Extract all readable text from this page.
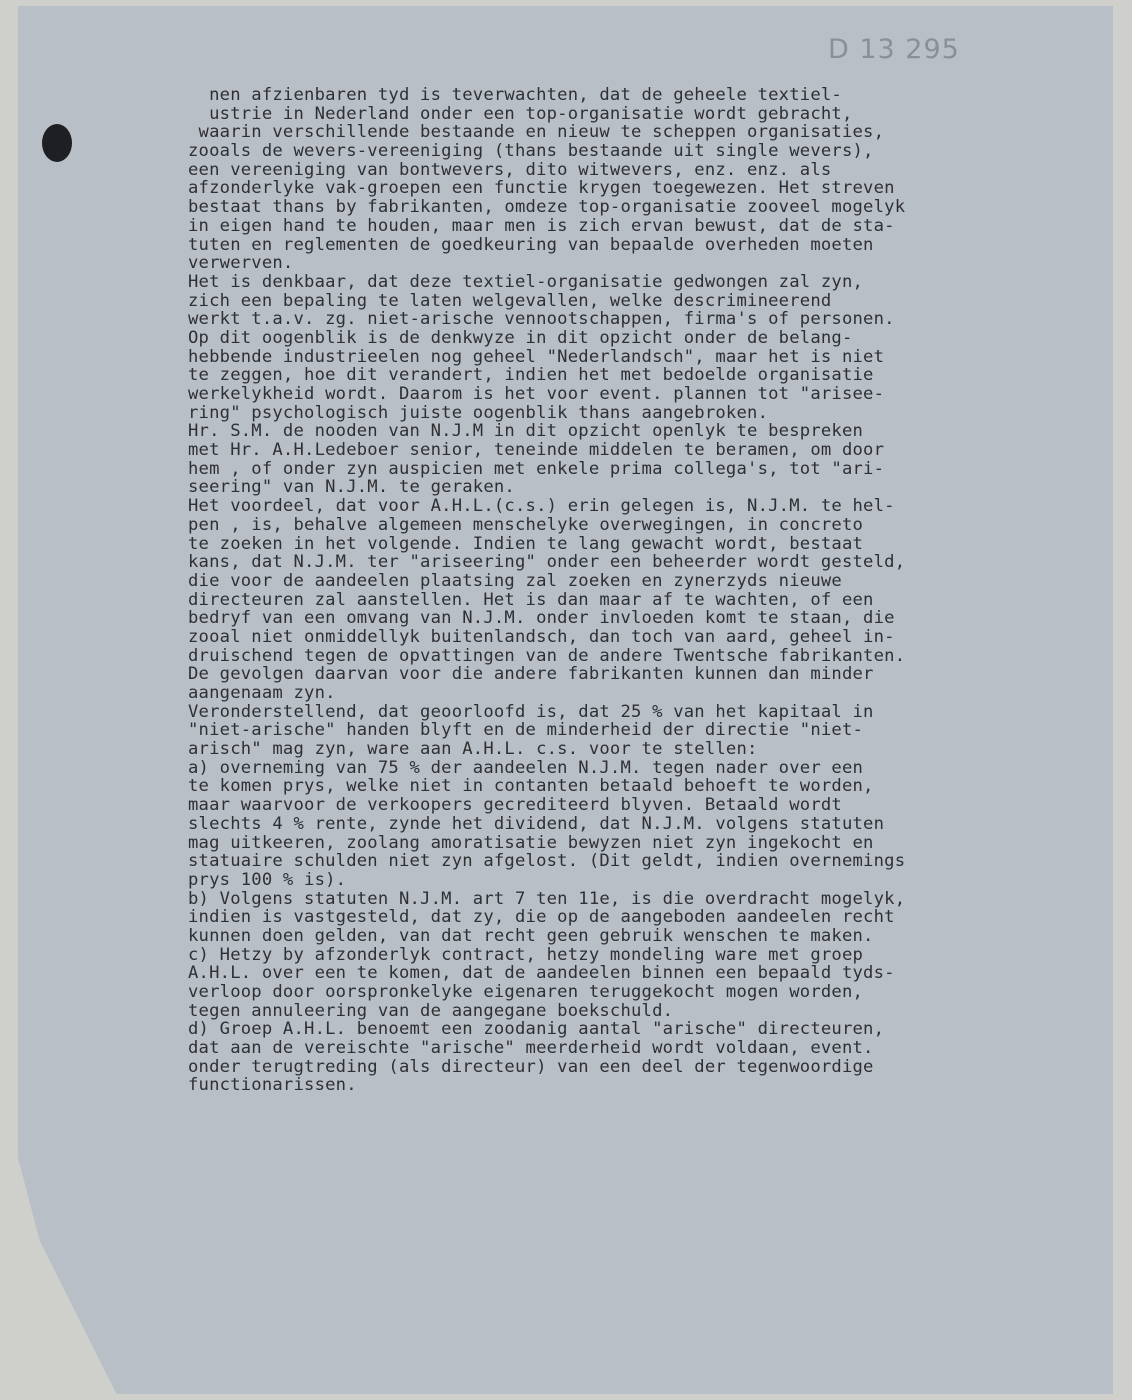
D 13 295
nen afzienbaren tyd is teverwachten, dat de geheele textiel-
ustrie in Nederland onder een top-organisatie wordt gebracht,
waarin verschillende bestaande en nieuw te scheppen organisaties,
zooals de wevers-vereeniging (thans bestaande uit single wevers),
een vereeniging van bontwevers, dito witwevers, enz. enz. als
afzonderlyke vak-groepen een functie krygen toegewezen. Het streven
bestaat thans by fabrikanten, omdeze top-organisatie zooveel mogelyk
in eigen hand te houden, maar men is zich ervan bewust, dat de sta-
tuten en reglementen de goedkeuring van bepaalde overheden moeten
verwerven.
Het is denkbaar, dat deze textiel-organisatie gedwongen zal zyn,
zich een bepaling te laten welgevallen, welke descrimineerend
werkt t.a.v. zg. niet-arische vennootschappen, firma's of personen.
Op dit oogenblik is de denkwyze in dit opzicht onder de belang-
hebbende industrieelen nog geheel "Nederlandsch", maar het is niet
te zeggen, hoe dit verandert, indien het met bedoelde organisatie
werkelykheid wordt. Daarom is het voor event. plannen tot "arisee-
ring" psychologisch juiste oogenblik thans aangebroken.
Hr. S.M. de nooden van N.J.M in dit opzicht openlyk te bespreken
met Hr. A.H.Ledeboer senior, teneinde middelen te beramen, om door
hem , of onder zyn auspicien met enkele prima collega's, tot "ari-
seering" van N.J.M. te geraken.
Het voordeel, dat voor A.H.L.(c.s.) erin gelegen is, N.J.M. te hel-
pen , is, behalve algemeen menschelyke overwegingen, in concreto
te zoeken in het volgende. Indien te lang gewacht wordt, bestaat
kans, dat N.J.M. ter "ariseering" onder een beheerder wordt gesteld,
die voor de aandeelen plaatsing zal zoeken en zynerzyds nieuwe
directeuren zal aanstellen. Het is dan maar af te wachten, of een
bedryf van een omvang van N.J.M. onder invloeden komt te staan, die
zooal niet onmiddellyk buitenlandsch, dan toch van aard, geheel in-
druischend tegen de opvattingen van de andere Twentsche fabrikanten.
De gevolgen daarvan voor die andere fabrikanten kunnen dan minder
aangenaam zyn.
Veronderstellend, dat geoorloofd is, dat 25 % van het kapitaal in
"niet-arische" handen blyft en de minderheid der directie "niet-
arisch" mag zyn, ware aan A.H.L. c.s. voor te stellen:
a) overneming van 75 % der aandeelen N.J.M. tegen nader over een
te komen prys, welke niet in contanten betaald behoeft te worden,
maar waarvoor de verkoopers gecrediteerd blyven. Betaald wordt
slechts 4 % rente, zynde het dividend, dat N.J.M. volgens statuten
mag uitkeeren, zoolang amoratisatie bewyzen niet zyn ingekocht en
statuaire schulden niet zyn afgelost. (Dit geldt, indien overnemings
prys 100 % is).
b) Volgens statuten N.J.M. art 7 ten 11e, is die overdracht mogelyk,
indien is vastgesteld, dat zy, die op de aangeboden aandeelen recht
kunnen doen gelden, van dat recht geen gebruik wenschen te maken.
c) Hetzy by afzonderlyk contract, hetzy mondeling ware met groep
A.H.L. over een te komen, dat de aandeelen binnen een bepaald tyds-
verloop door oorspronkelyke eigenaren teruggekocht mogen worden,
tegen annuleering van de aangegane boekschuld.
d) Groep A.H.L. benoemt een zoodanig aantal "arische" directeuren,
dat aan de vereischte "arische" meerderheid wordt voldaan, event.
onder terugtreding (als directeur) van een deel der tegenwoordige
functionarissen.
